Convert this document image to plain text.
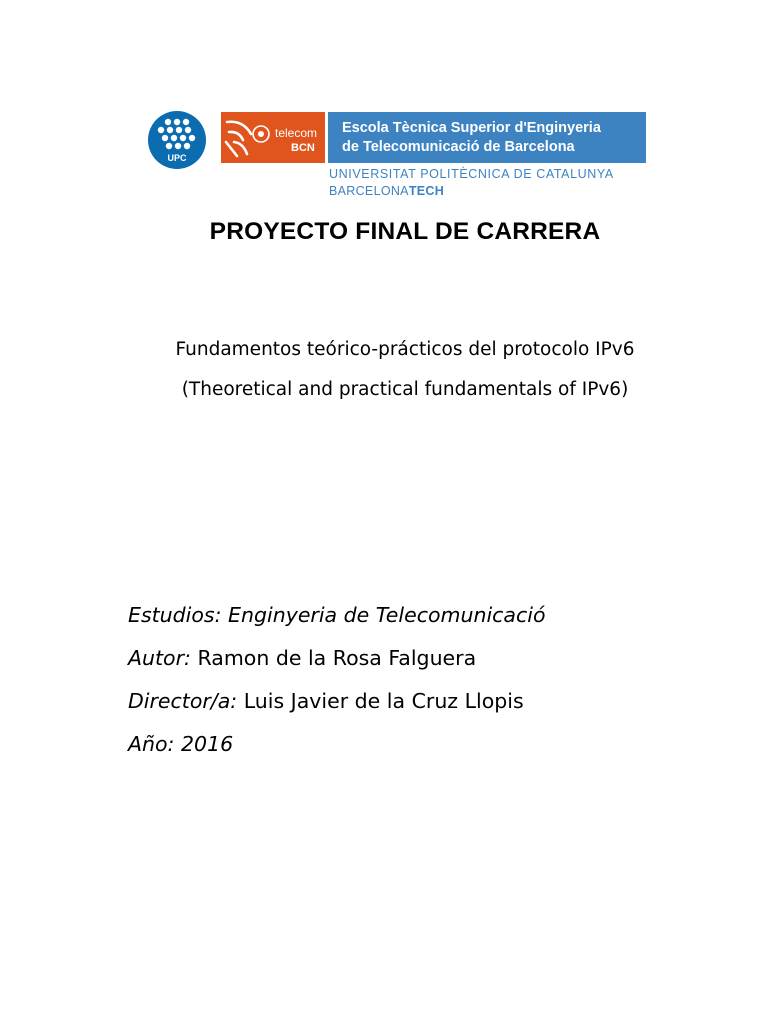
UPC
telecom
BCN
Escola Tècnica Superior d'Enginyeria
de Telecomunicació de Barcelona
UNIVERSITAT POLITÈCNICA DE CATALUNYA
BARCELONATECH
PROYECTO FINAL DE CARRERA
Fundamentos teórico-prácticos del protocolo IPv6
(Theoretical and practical fundamentals of IPv6)
Estudios: Enginyeria de Telecomunicació
Autor: Ramon de la Rosa Falguera
Director/a: Luis Javier de la Cruz Llopis
Año: 2016
